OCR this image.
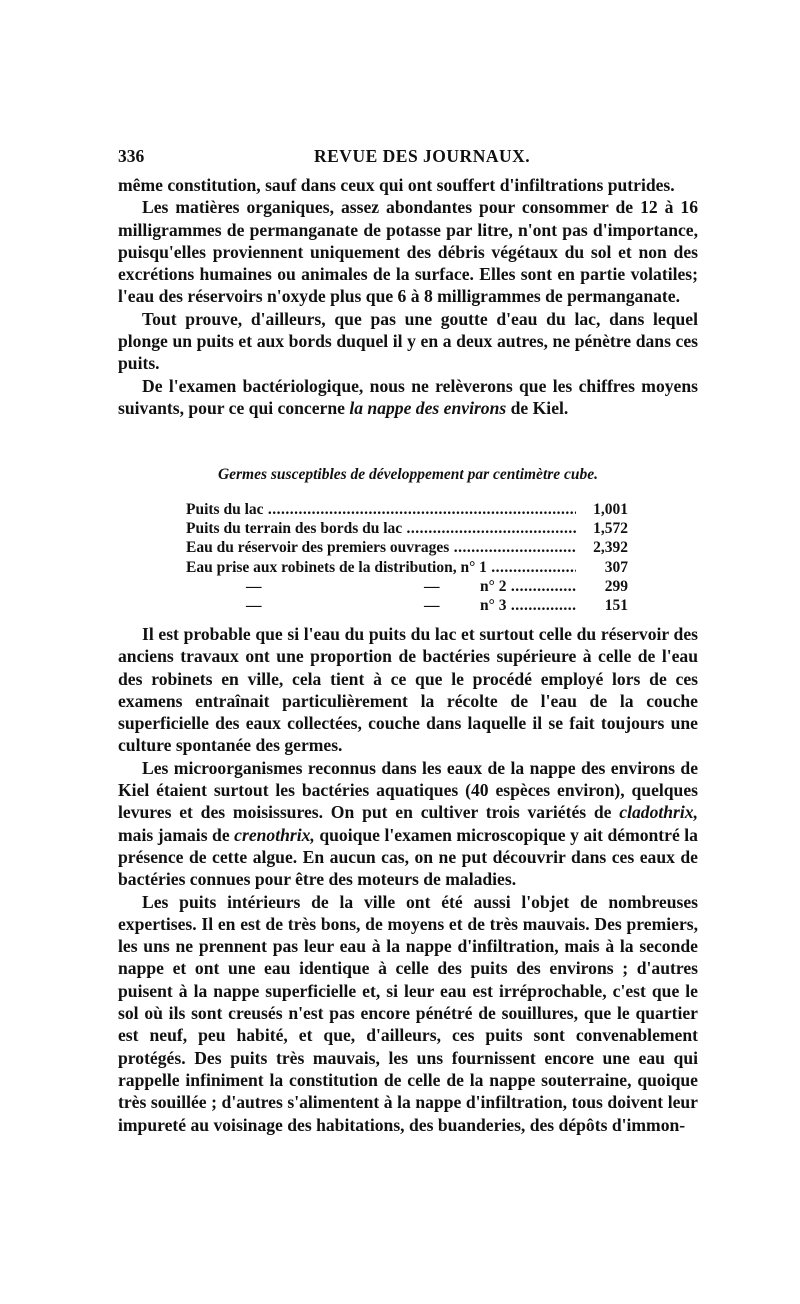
336	REVUE DES JOURNAUX.

même constitution, sauf dans ceux qui ont souffert d'infiltrations putrides.

Les matières organiques, assez abondantes pour consommer de 12 à 16 milligrammes de permanganate de potasse par litre, n'ont pas d'importance, puisqu'elles proviennent uniquement des débris végétaux du sol et non des excrétions humaines ou animales de la surface. Elles sont en partie volatiles; l'eau des réservoirs n'oxyde plus que 6 à 8 milligrammes de permanganate.

Tout prouve, d'ailleurs, que pas une goutte d'eau du lac, dans lequel plonge un puits et aux bords duquel il y en a deux autres, ne pénètre dans ces puits.

De l'examen bactériologique, nous ne relèverons que les chiffres moyens suivants, pour ce qui concerne la nappe des environs de Kiel.

Germes susceptibles de développement par centimètre cube.
Puits du lac .....	1,001
Puits du terrain des bords du lac .....	1,572
Eau du réservoir des premiers ouvrages .....	2,392
Eau prise aux robinets de la distribution, n° 1 .....	307
—	—	n° 2 .....	299
—	—	n° 3 .....	151

Il est probable que si l'eau du puits du lac et surtout celle du réservoir des anciens travaux ont une proportion de bactéries supérieure à celle de l'eau des robinets en ville, cela tient à ce que le procédé employé lors de ces examens entraînait particulièrement la récolte de l'eau de la couche superficielle des eaux collectées, couche dans laquelle il se fait toujours une culture spontanée des germes.

Les microorganismes reconnus dans les eaux de la nappe des environs de Kiel étaient surtout les bactéries aquatiques (40 espèces environ), quelques levures et des moisissures. On put en cultiver trois variétés de cladothrix, mais jamais de crenothrix, quoique l'examen microscopique y ait démontré la présence de cette algue. En aucun cas, on ne put découvrir dans ces eaux de bactéries connues pour être des moteurs de maladies.

Les puits intérieurs de la ville ont été aussi l'objet de nombreuses expertises. Il en est de très bons, de moyens et de très mauvais. Des premiers, les uns ne prennent pas leur eau à la nappe d'infiltration, mais à la seconde nappe et ont une eau identique à celle des puits des environs ; d'autres puisent à la nappe superficielle et, si leur eau est irréprochable, c'est que le sol où ils sont creusés n'est pas encore pénétré de souillures, que le quartier est neuf, peu habité, et que, d'ailleurs, ces puits sont convenablement protégés. Des puits très mauvais, les uns fournissent encore une eau qui rappelle infiniment la constitution de celle de la nappe souterraine, quoique très souillée ; d'autres s'alimentent à la nappe d'infiltration, tous doivent leur impureté au voisinage des habitations, des buanderies, des dépôts d'immon-
